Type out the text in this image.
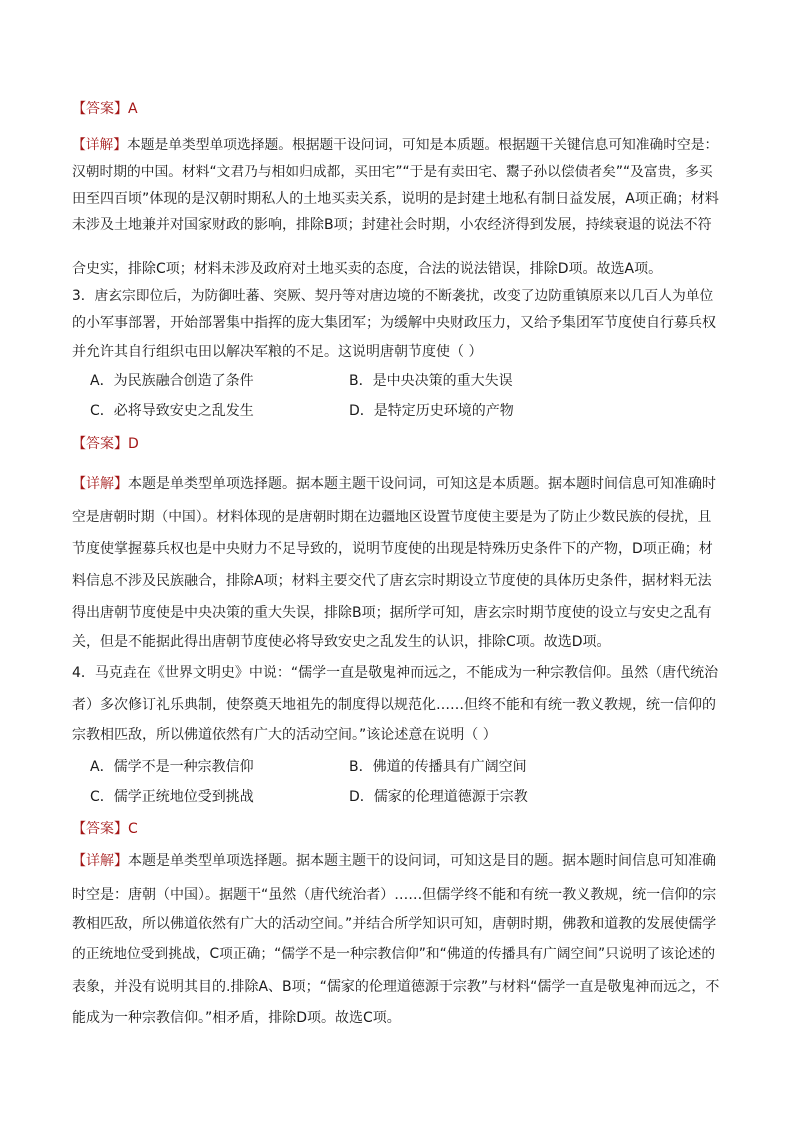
【答案】A
【详解】本题是单类型单项选择题。根据题干设问词，可知是本质题。根据题干关键信息可知准确时空是：
汉朝时期的中国。材料“文君乃与相如归成都，买田宅”“于是有卖田宅、鬻子孙以偿债者矣”“及富贵，多买
田至四百顷”体现的是汉朝时期私人的土地买卖关系，说明的是封建土地私有制日益发展，A项正确；材料
未涉及土地兼并对国家财政的影响，排除B项；封建社会时期，小农经济得到发展，持续衰退的说法不符
合史实，排除C项；材料未涉及政府对土地买卖的态度，合法的说法错误，排除D项。故选A项。
3．唐玄宗即位后，为防御吐蕃、突厥、契丹等对唐边境的不断袭扰，改变了边防重镇原来以几百人为单位
的小军事部署，开始部署集中指挥的庞大集团军；为缓解中央财政压力，又给予集团军节度使自行募兵权
并允许其自行组织屯田以解决军粮的不足。这说明唐朝节度使（ ）
A．为民族融合创造了条件	B．是中央决策的重大失误
C．必将导致安史之乱发生	D．是特定历史环境的产物
【答案】D
【详解】本题是单类型单项选择题。据本题主题干设问词，可知这是本质题。据本题时间信息可知准确时
空是唐朝时期（中国）。材料体现的是唐朝时期在边疆地区设置节度使主要是为了防止少数民族的侵扰，且
节度使掌握募兵权也是中央财力不足导致的，说明节度使的出现是特殊历史条件下的产物，D项正确；材
料信息不涉及民族融合，排除A项；材料主要交代了唐玄宗时期设立节度使的具体历史条件，据材料无法
得出唐朝节度使是中央决策的重大失误，排除B项；据所学可知，唐玄宗时期节度使的设立与安史之乱有
关，但是不能据此得出唐朝节度使必将导致安史之乱发生的认识，排除C项。故选D项。
4．马克垚在《世界文明史》中说：“儒学一直是敬鬼神而远之，不能成为一种宗教信仰。虽然（唐代统治
者）多次修订礼乐典制，使祭奠天地祖先的制度得以规范化……但终不能和有统一教义教规，统一信仰的
宗教相匹敌，所以佛道依然有广大的活动空间。”该论述意在说明（ ）
A．儒学不是一种宗教信仰	B．佛道的传播具有广阔空间
C．儒学正统地位受到挑战	D．儒家的伦理道德源于宗教
【答案】C
【详解】本题是单类型单项选择题。据本题主题干的设问词，可知这是目的题。据本题时间信息可知准确
时空是：唐朝（中国）。据题干“虽然（唐代统治者）……但儒学终不能和有统一教义教规，统一信仰的宗
教相匹敌，所以佛道依然有广大的活动空间。”并结合所学知识可知，唐朝时期，佛教和道教的发展使儒学
的正统地位受到挑战，C项正确；“儒学不是一种宗教信仰”和“佛道的传播具有广阔空间”只说明了该论述的
表象，并没有说明其目的.排除A、B项；“儒家的伦理道德源于宗教”与材料“儒学一直是敬鬼神而远之，不
能成为一种宗教信仰。”相矛盾，排除D项。故选C项。
